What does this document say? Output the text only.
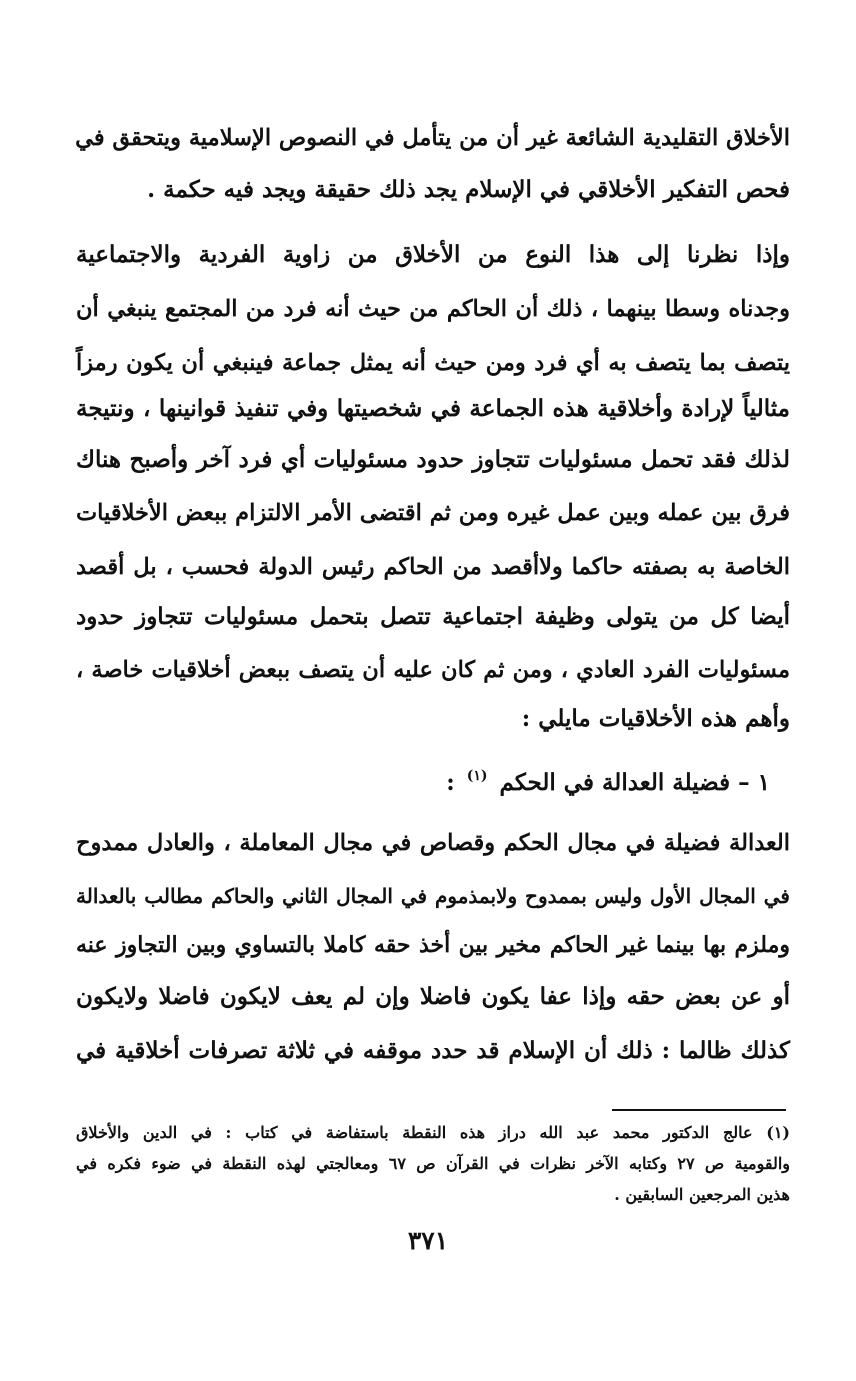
الأخلاق التقليدية الشائعة غير أن من يتأمل في النصوص الإسلامية ويتحقق في
فحص التفكير الأخلاقي في الإسلام يجد ذلك حقيقة ويجد فيه حكمة .
وإذا نظرنا إلى هذا النوع من الأخلاق من زاوية الفردية والاجتماعية
وجدناه وسطا بينهما ، ذلك أن الحاكم من حيث أنه فرد من المجتمع ينبغي أن
يتصف بما يتصف به أي فرد ومن حيث أنه يمثل جماعة فينبغي أن يكون رمزاً
مثالياً لإرادة وأخلاقية هذه الجماعة في شخصيتها وفي تنفيذ قوانينها ، ونتيجة
لذلك فقد تحمل مسئوليات تتجاوز حدود مسئوليات أي فرد آخر وأصبح هناك
فرق بين عمله وبين عمل غيره ومن ثم اقتضى الأمر الالتزام ببعض الأخلاقيات
الخاصة به بصفته حاكما ولاأقصد من الحاكم رئيس الدولة فحسب ، بل أقصد
أيضا كل من يتولى وظيفة اجتماعية تتصل بتحمل مسئوليات تتجاوز حدود
مسئوليات الفرد العادي ، ومن ثم كان عليه أن يتصف ببعض أخلاقيات خاصة ،
وأهم هذه الأخلاقيات مايلي :
١ – فضيلة العدالة في الحكم $^{(١)}$ :
العدالة فضيلة في مجال الحكم وقصاص في مجال المعاملة ، والعادل ممدوح
في المجال الأول وليس بممدوح ولابمذموم في المجال الثاني والحاكم مطالب بالعدالة
وملزم بها بينما غير الحاكم مخير بين أخذ حقه كاملا بالتساوي وبين التجاوز عنه
أو عن بعض حقه وإذا عفا يكون فاضلا وإن لم يعف لايكون فاضلا ولايكون
كذلك ظالما : ذلك أن الإسلام قد حدد موقفه في ثلاثة تصرفات أخلاقية في
(١) عالج الدكتور محمد عبد الله دراز هذه النقطة باستفاضة في كتاب : في الدين والأخلاق
والقومية ص ٢٧ وكتابه الآخر نظرات في القرآن ص ٦٧ ومعالجتي لهذه النقطة في ضوء فكره في
هذين المرجعين السابقين .
٣٧١
